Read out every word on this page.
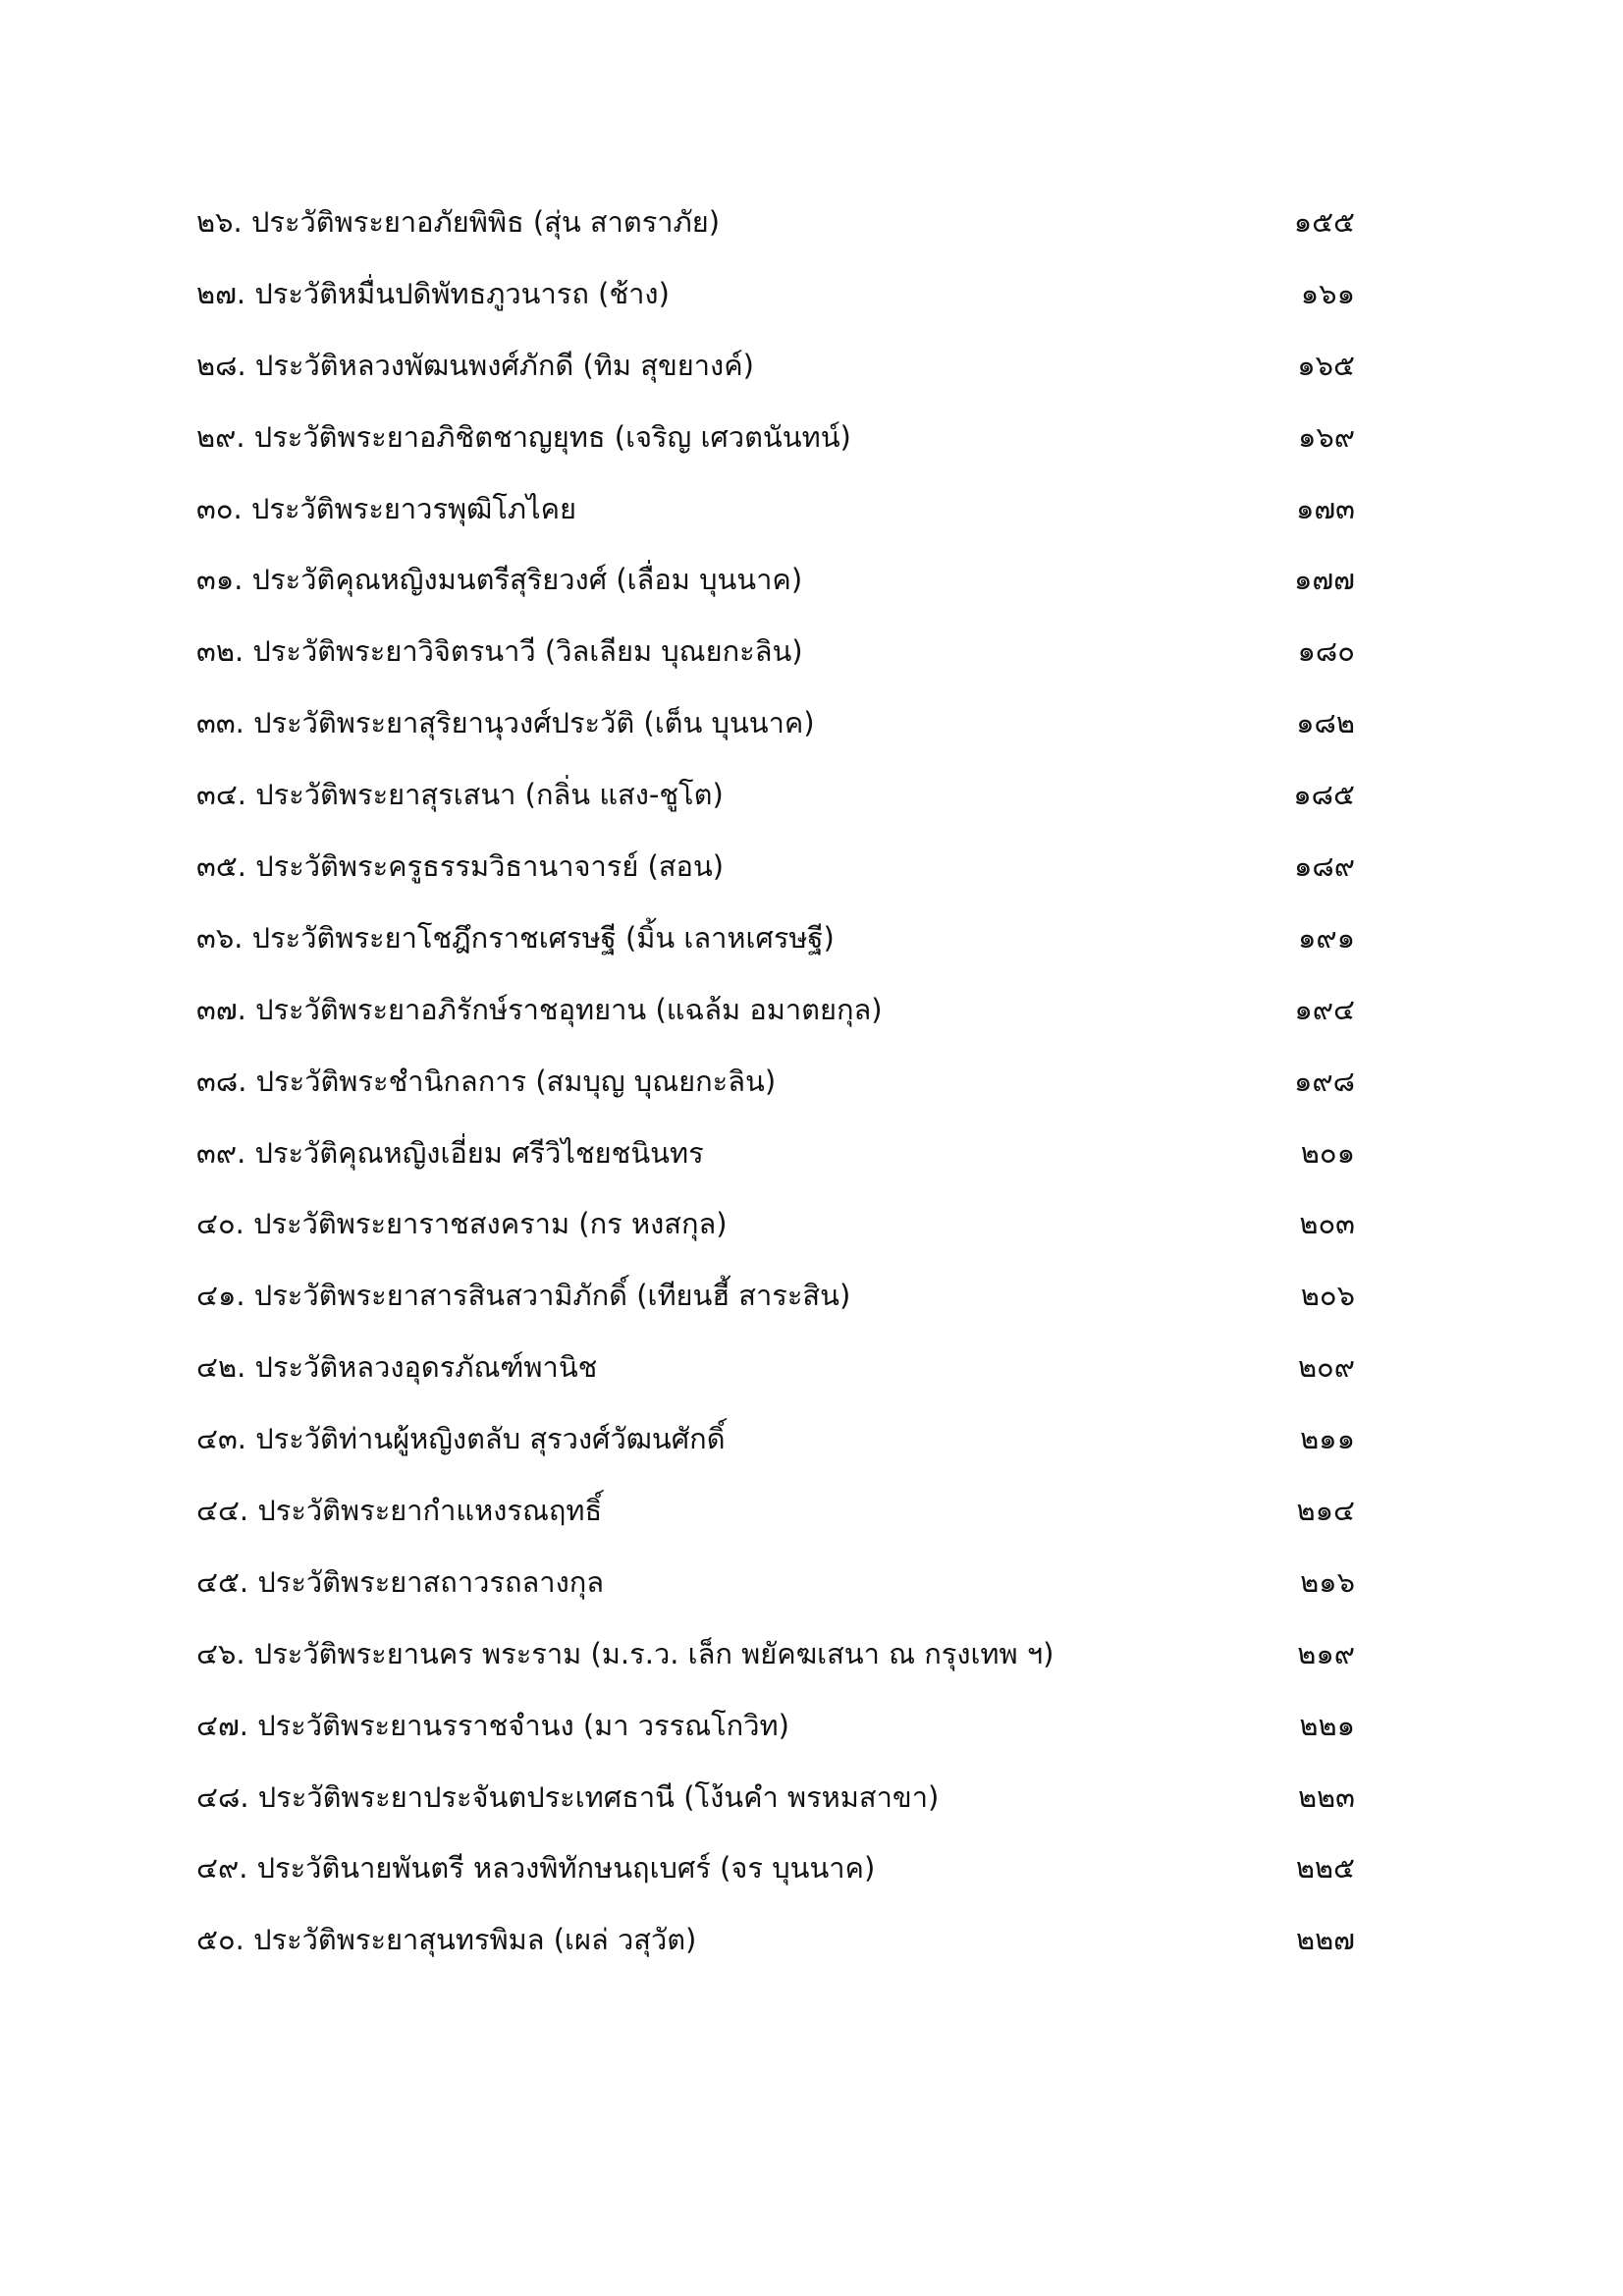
๒๖. ประวัติพระยาอภัยพิพิธ (สุ่น สาตราภัย)	๑๕๕
๒๗. ประวัติหมื่นปดิพัทธภูวนารถ (ช้าง)	๑๖๑
๒๘. ประวัติหลวงพัฒนพงศ์ภักดี (ทิม สุขยางค์)	๑๖๕
๒๙. ประวัติพระยาอภิชิตชาญยุทธ (เจริญ เศวตนันทน์)	๑๖๙
๓๐. ประวัติพระยาวรพุฒิโภไคย	๑๗๓
๓๑. ประวัติคุณหญิงมนตรีสุริยวงศ์ (เลื่อม บุนนาค)	๑๗๗
๓๒. ประวัติพระยาวิจิตรนาวี (วิลเลียม บุณยกะลิน)	๑๘๐
๓๓. ประวัติพระยาสุริยานุวงศ์ประวัติ (เต็น บุนนาค)	๑๘๒
๓๔. ประวัติพระยาสุรเสนา (กลิ่น แสง-ชูโต)	๑๘๕
๓๕. ประวัติพระครูธรรมวิธานาจารย์ (สอน)	๑๘๙
๓๖. ประวัติพระยาโชฎึกราชเศรษฐี (มิ้น เลาหเศรษฐี)	๑๙๑
๓๗. ประวัติพระยาอภิรักษ์ราชอุทยาน (แฉล้ม อมาตยกุล)	๑๙๔
๓๘. ประวัติพระชำนิกลการ (สมบุญ บุณยกะลิน)	๑๙๘
๓๙. ประวัติคุณหญิงเอี่ยม ศรีวิไชยชนินทร	๒๐๑
๔๐. ประวัติพระยาราชสงคราม (กร หงสกุล)	๒๐๓
๔๑. ประวัติพระยาสารสินสวามิภักดิ์ (เทียนฮี้ สาระสิน)	๒๐๖
๔๒. ประวัติหลวงอุดรภัณฑ์พานิช	๒๐๙
๔๓. ประวัติท่านผู้หญิงตลับ สุรวงศ์วัฒนศักดิ์	๒๑๑
๔๔. ประวัติพระยากำแหงรณฤทธิ์	๒๑๔
๔๕. ประวัติพระยาสถาวรถลางกุล	๒๑๖
๔๖. ประวัติพระยานคร พระราม (ม.ร.ว. เล็ก พยัคฆเสนา ณ กรุงเทพ ฯ)	๒๑๙
๔๗. ประวัติพระยานรราชจำนง (มา วรรณโกวิท)	๒๒๑
๔๘. ประวัติพระยาประจันตประเทศธานี (โง้นคำ พรหมสาขา)	๒๒๓
๔๙. ประวัตินายพันตรี หลวงพิทักษนฤเบศร์ (จร บุนนาค)	๒๒๕
๕๐. ประวัติพระยาสุนทรพิมล (เผล่ วสุวัต)	๒๒๗
